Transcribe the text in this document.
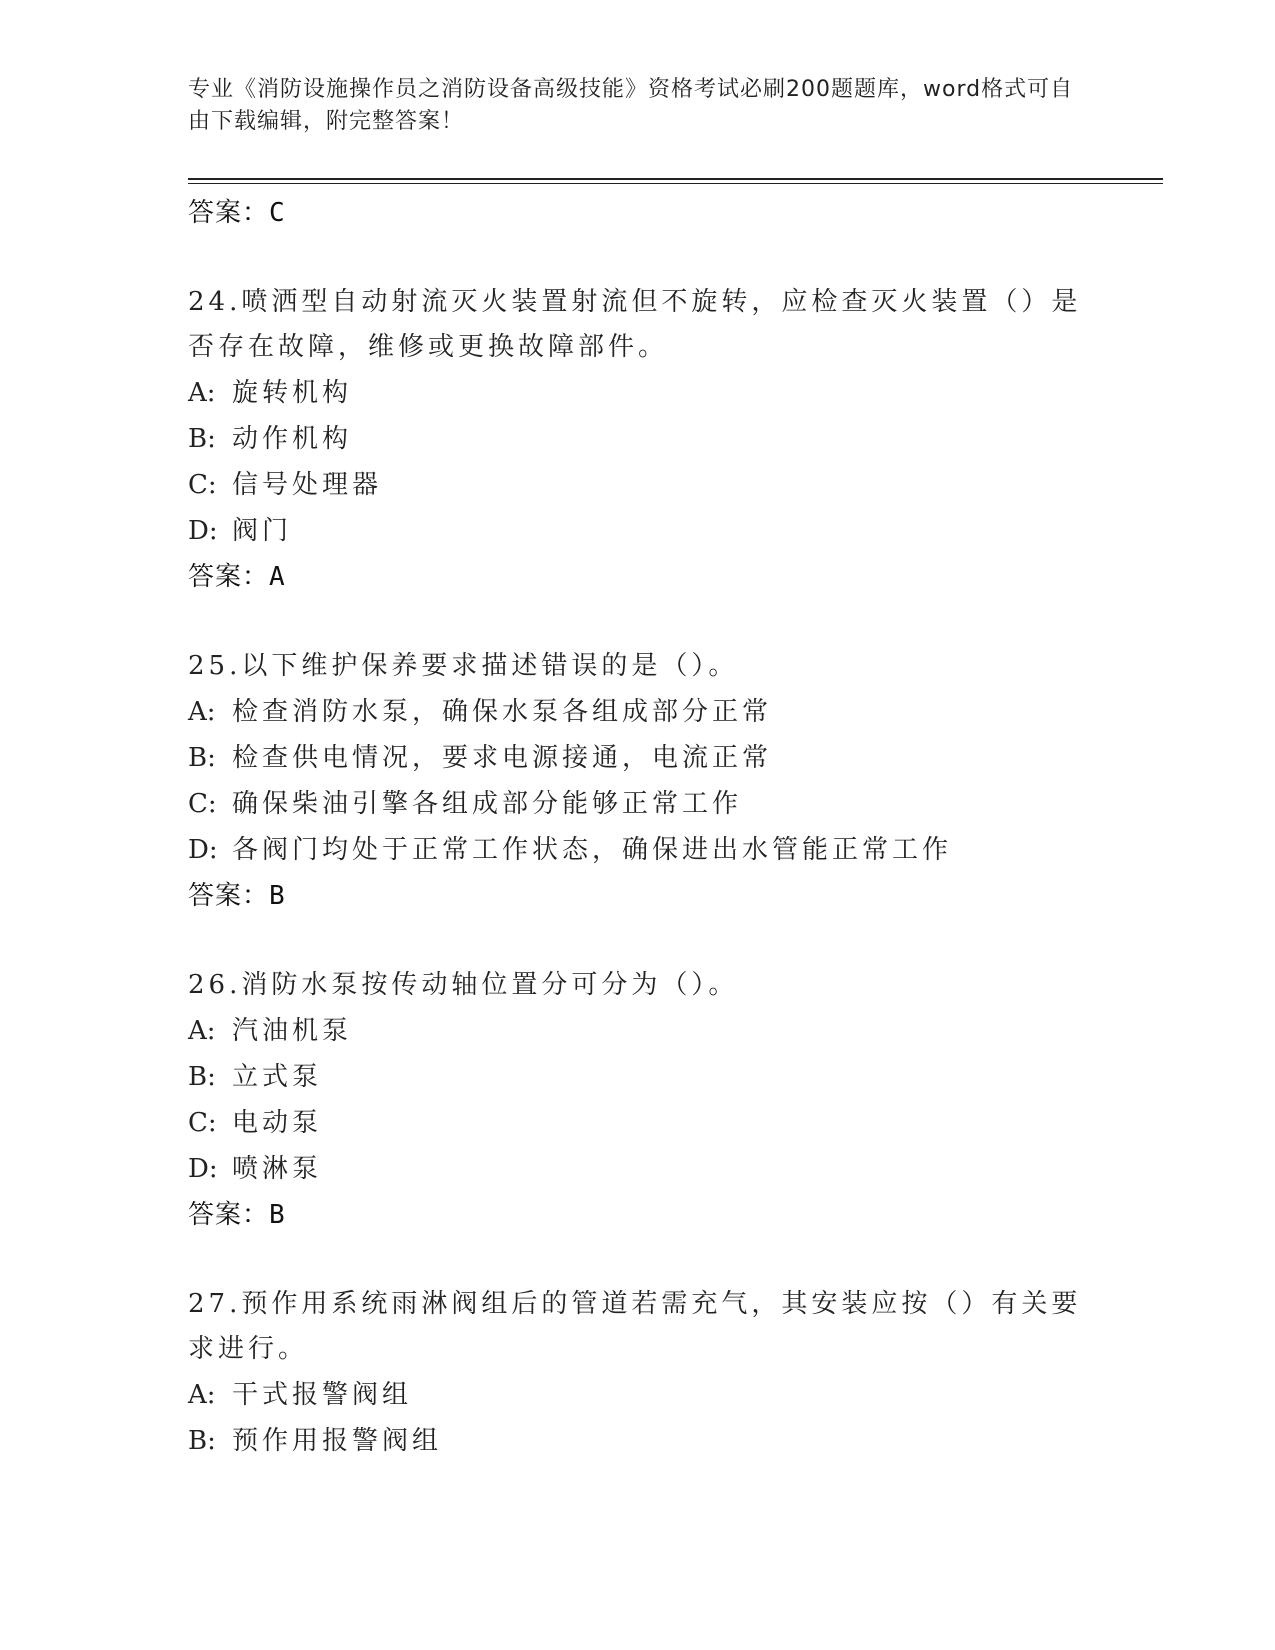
专业《消防设施操作员之消防设备高级技能》资格考试必刷200题题库，word格式可自由下载编辑，附完整答案！
答案：C
24.喷洒型自动射流灭火装置射流但不旋转，应检查灭火装置（）是否存在故障，维修或更换故障部件。
A: 旋转机构
B: 动作机构
C: 信号处理器
D: 阀门
答案：A
25.以下维护保养要求描述错误的是（）。
A: 检查消防水泵，确保水泵各组成部分正常
B: 检查供电情况，要求电源接通，电流正常
C: 确保柴油引擎各组成部分能够正常工作
D: 各阀门均处于正常工作状态，确保进出水管能正常工作
答案：B
26.消防水泵按传动轴位置分可分为（）。
A: 汽油机泵
B: 立式泵
C: 电动泵
D: 喷淋泵
答案：B
27.预作用系统雨淋阀组后的管道若需充气，其安装应按（）有关要求进行。
A: 干式报警阀组
B: 预作用报警阀组
